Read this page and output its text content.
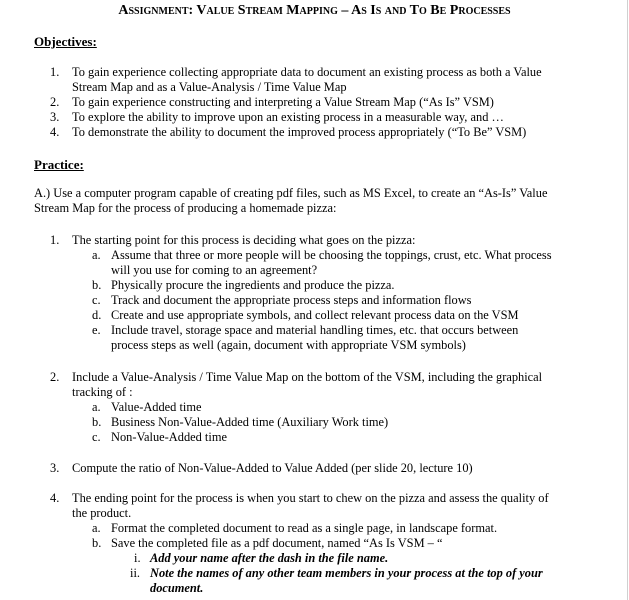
Assignment: Value Stream Mapping – As Is and To Be Processes
Objectives:
1. To gain experience collecting appropriate data to document an existing process as both a Value
Stream Map and as a Value-Analysis / Time Value Map
2. To gain experience constructing and interpreting a Value Stream Map (“As Is” VSM)
3. To explore the ability to improve upon an existing process in a measurable way, and …
4. To demonstrate the ability to document the improved process appropriately (“To Be” VSM)
Practice:
A.) Use a computer program capable of creating pdf files, such as MS Excel, to create an “As-Is” Value
Stream Map for the process of producing a homemade pizza:
1. The starting point for this process is deciding what goes on the pizza:
a. Assume that three or more people will be choosing the toppings, crust, etc. What process
will you use for coming to an agreement?
b. Physically procure the ingredients and produce the pizza.
c. Track and document the appropriate process steps and information flows
d. Create and use appropriate symbols, and collect relevant process data on the VSM
e. Include travel, storage space and material handling times, etc. that occurs between
process steps as well (again, document with appropriate VSM symbols)
2. Include a Value-Analysis / Time Value Map on the bottom of the VSM, including the graphical
tracking of :
a. Value-Added time
b. Business Non-Value-Added time (Auxiliary Work time)
c. Non-Value-Added time
3. Compute the ratio of Non-Value-Added to Value Added (per slide 20, lecture 10)
4. The ending point for the process is when you start to chew on the pizza and assess the quality of
the product.
a. Format the completed document to read as a single page, in landscape format.
b. Save the completed file as a pdf document, named “As Is VSM – “
i. Add your name after the dash in the file name.
ii. Note the names of any other team members in your process at the top of your
document.
